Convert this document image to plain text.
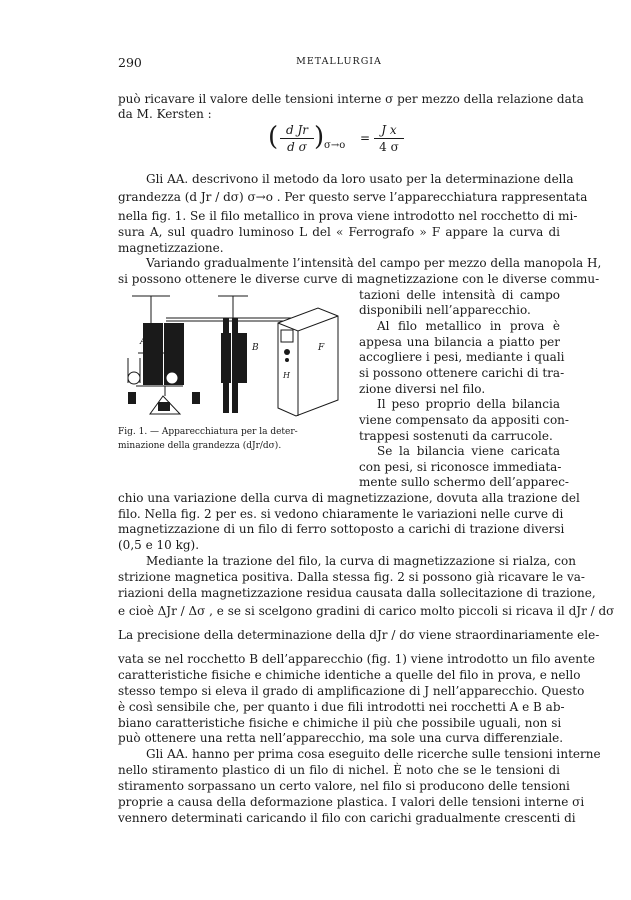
290	METALLURGIA
può ricavare il valore delle tensioni interne σ per mezzo della relazione data
da M. Kersten :
( d Jr
d σ ) σ→o
=
J x
4 σ
Gli AA. descrivono il metodo da loro usato per la determinazione della
grandezza (d Jr / dσ) σ→o . Per questo serve l’apparecchiatura rappresentata
nella fig. 1. Se il filo metallico in prova viene introdotto nel rocchetto di mi-
sura A, sul quadro luminoso L del « Ferrografo » F appare la curva di
magnetizzazione.
Variando gradualmente l’intensità del campo per mezzo della manopola H,
si possono ottenere le diverse curve di magnetizzazione con le diverse commu-
tazioni delle intensità di campo
disponibili nell’apparecchio.
Al filo metallico in prova è
appesa una bilancia a piatto per
accogliere i pesi, mediante i quali
si possono ottenere carichi di tra-
zione diversi nel filo.
Il peso proprio della bilancia
viene compensato da appositi con-
trappesi sostenuti da carrucole.
Se la bilancia viene caricata
con pesi, si riconosce immediata-
mente sullo schermo dell’apparec-
A
B	F
H
Fig. 1. — Apparecchiatura per la deter-
minazione della grandezza (dJr/dσ).
chio una variazione della curva di magnetizzazione, dovuta alla trazione del
filo. Nella fig. 2 per es. si vedono chiaramente le variazioni nelle curve di
magnetizzazione di un filo di ferro sottoposto a carichi di trazione diversi
(0,5 e 10 kg).
Mediante la trazione del filo, la curva di magnetizzazione si rialza, con
strizione magnetica positiva. Dalla stessa fig. 2 si possono già ricavare le va-
riazioni della magnetizzazione residua causata dalla sollecitazione di trazione,
e cioè ΔJr / Δσ , e se si scelgono gradini di carico molto piccoli si ricava il dJr / dσ
La precisione della determinazione della dJr / dσ viene straordinariamente ele-
vata se nel rocchetto B dell’apparecchio (fig. 1) viene introdotto un filo avente
caratteristiche fisiche e chimiche identiche a quelle del filo in prova, e nello
stesso tempo si eleva il grado di amplificazione di J nell’apparecchio. Questo
è così sensibile che, per quanto i due fili introdotti nei rocchetti A e B ab-
biano caratteristiche fisiche e chimiche il più che possibile uguali, non si
può ottenere una retta nell’apparecchio, ma sole una curva differenziale.
Gli AA. hanno per prima cosa eseguito delle ricerche sulle tensioni interne
nello stiramento plastico di un filo di nichel. È noto che se le tensioni di
stiramento sorpassano un certo valore, nel filo si producono delle tensioni
proprie a causa della deformazione plastica. I valori delle tensioni interne σi
vennero determinati caricando il filo con carichi gradualmente crescenti di
